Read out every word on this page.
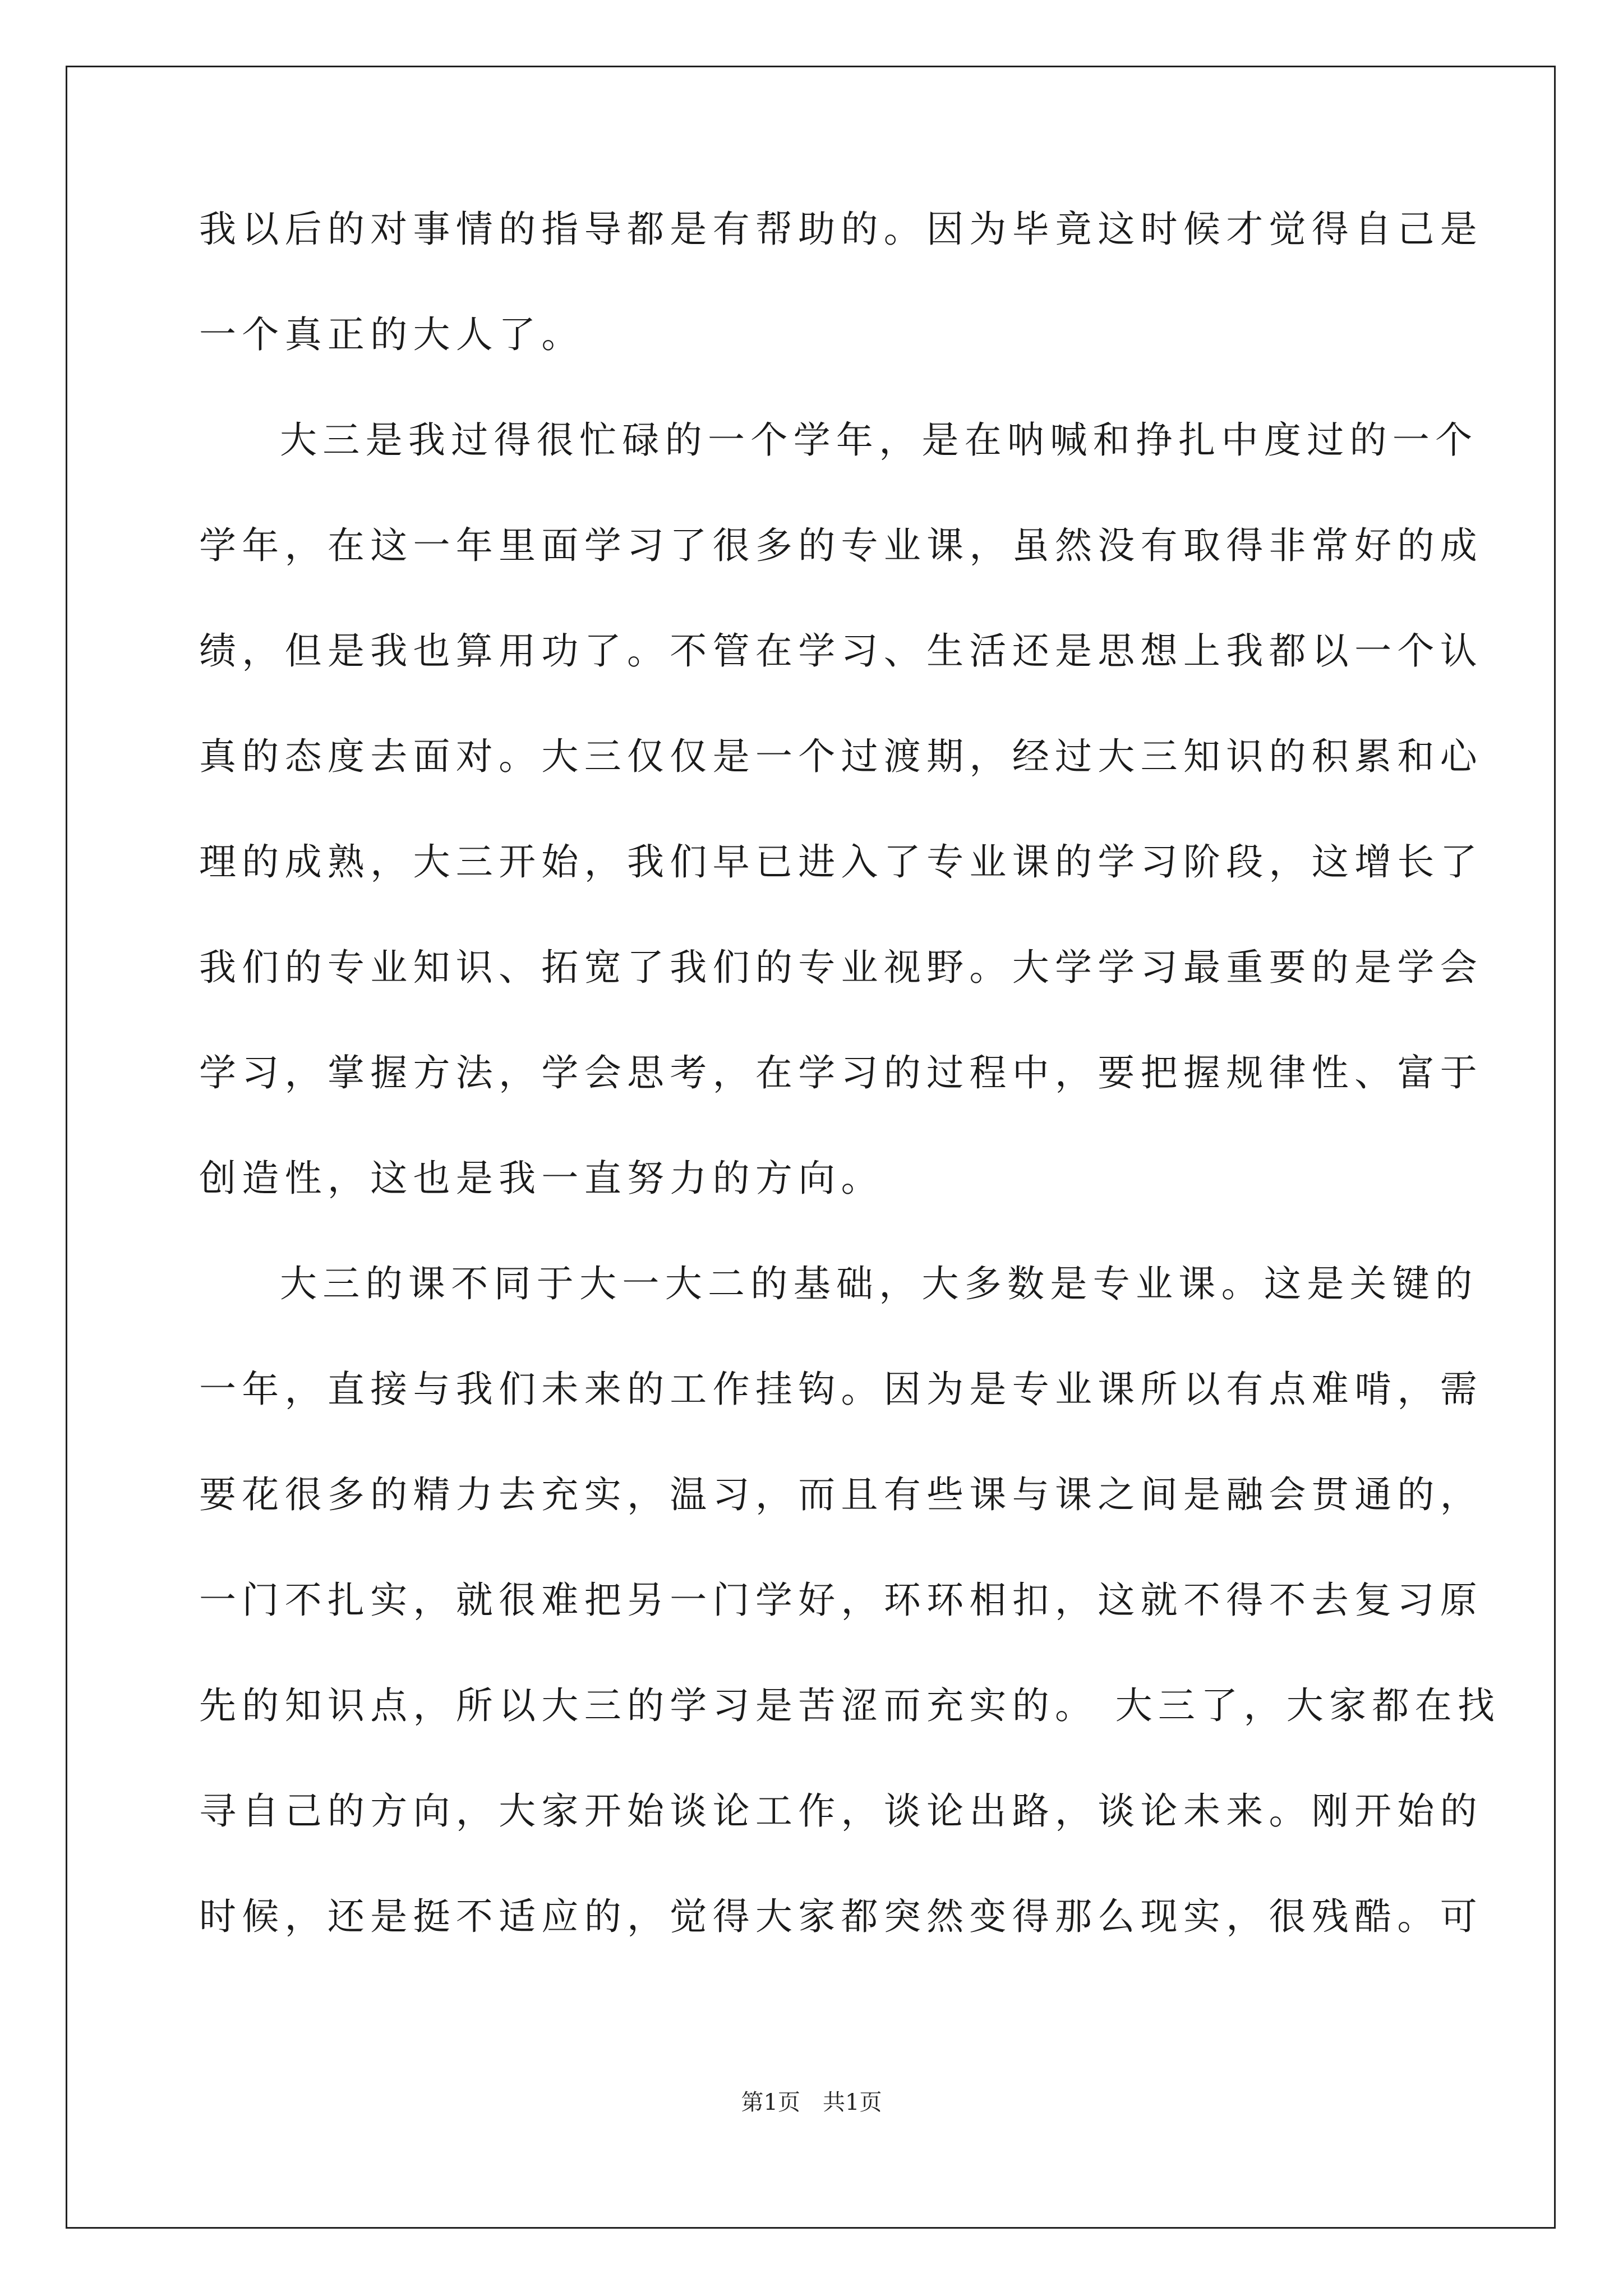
我以后的对事情的指导都是有帮助的。因为毕竟这时候才觉得自己是
一个真正的大人了。
大三是我过得很忙碌的一个学年，是在呐喊和挣扎中度过的一个
学年，在这一年里面学习了很多的专业课，虽然没有取得非常好的成
绩，但是我也算用功了。不管在学习、生活还是思想上我都以一个认
真的态度去面对。大三仅仅是一个过渡期，经过大三知识的积累和心
理的成熟，大三开始，我们早已进入了专业课的学习阶段，这增长了
我们的专业知识、拓宽了我们的专业视野。大学学习最重要的是学会
学习，掌握方法，学会思考，在学习的过程中，要把握规律性、富于
创造性，这也是我一直努力的方向。
大三的课不同于大一大二的基础，大多数是专业课。这是关键的
一年，直接与我们未来的工作挂钩。因为是专业课所以有点难啃，需
要花很多的精力去充实，温习，而且有些课与课之间是融会贯通的，
一门不扎实，就很难把另一门学好，环环相扣，这就不得不去复习原
先的知识点，所以大三的学习是苦涩而充实的。 大三了，大家都在找
寻自己的方向，大家开始谈论工作，谈论出路，谈论未来。刚开始的
时候，还是挺不适应的，觉得大家都突然变得那么现实，很残酷。可
第1页 共1页
